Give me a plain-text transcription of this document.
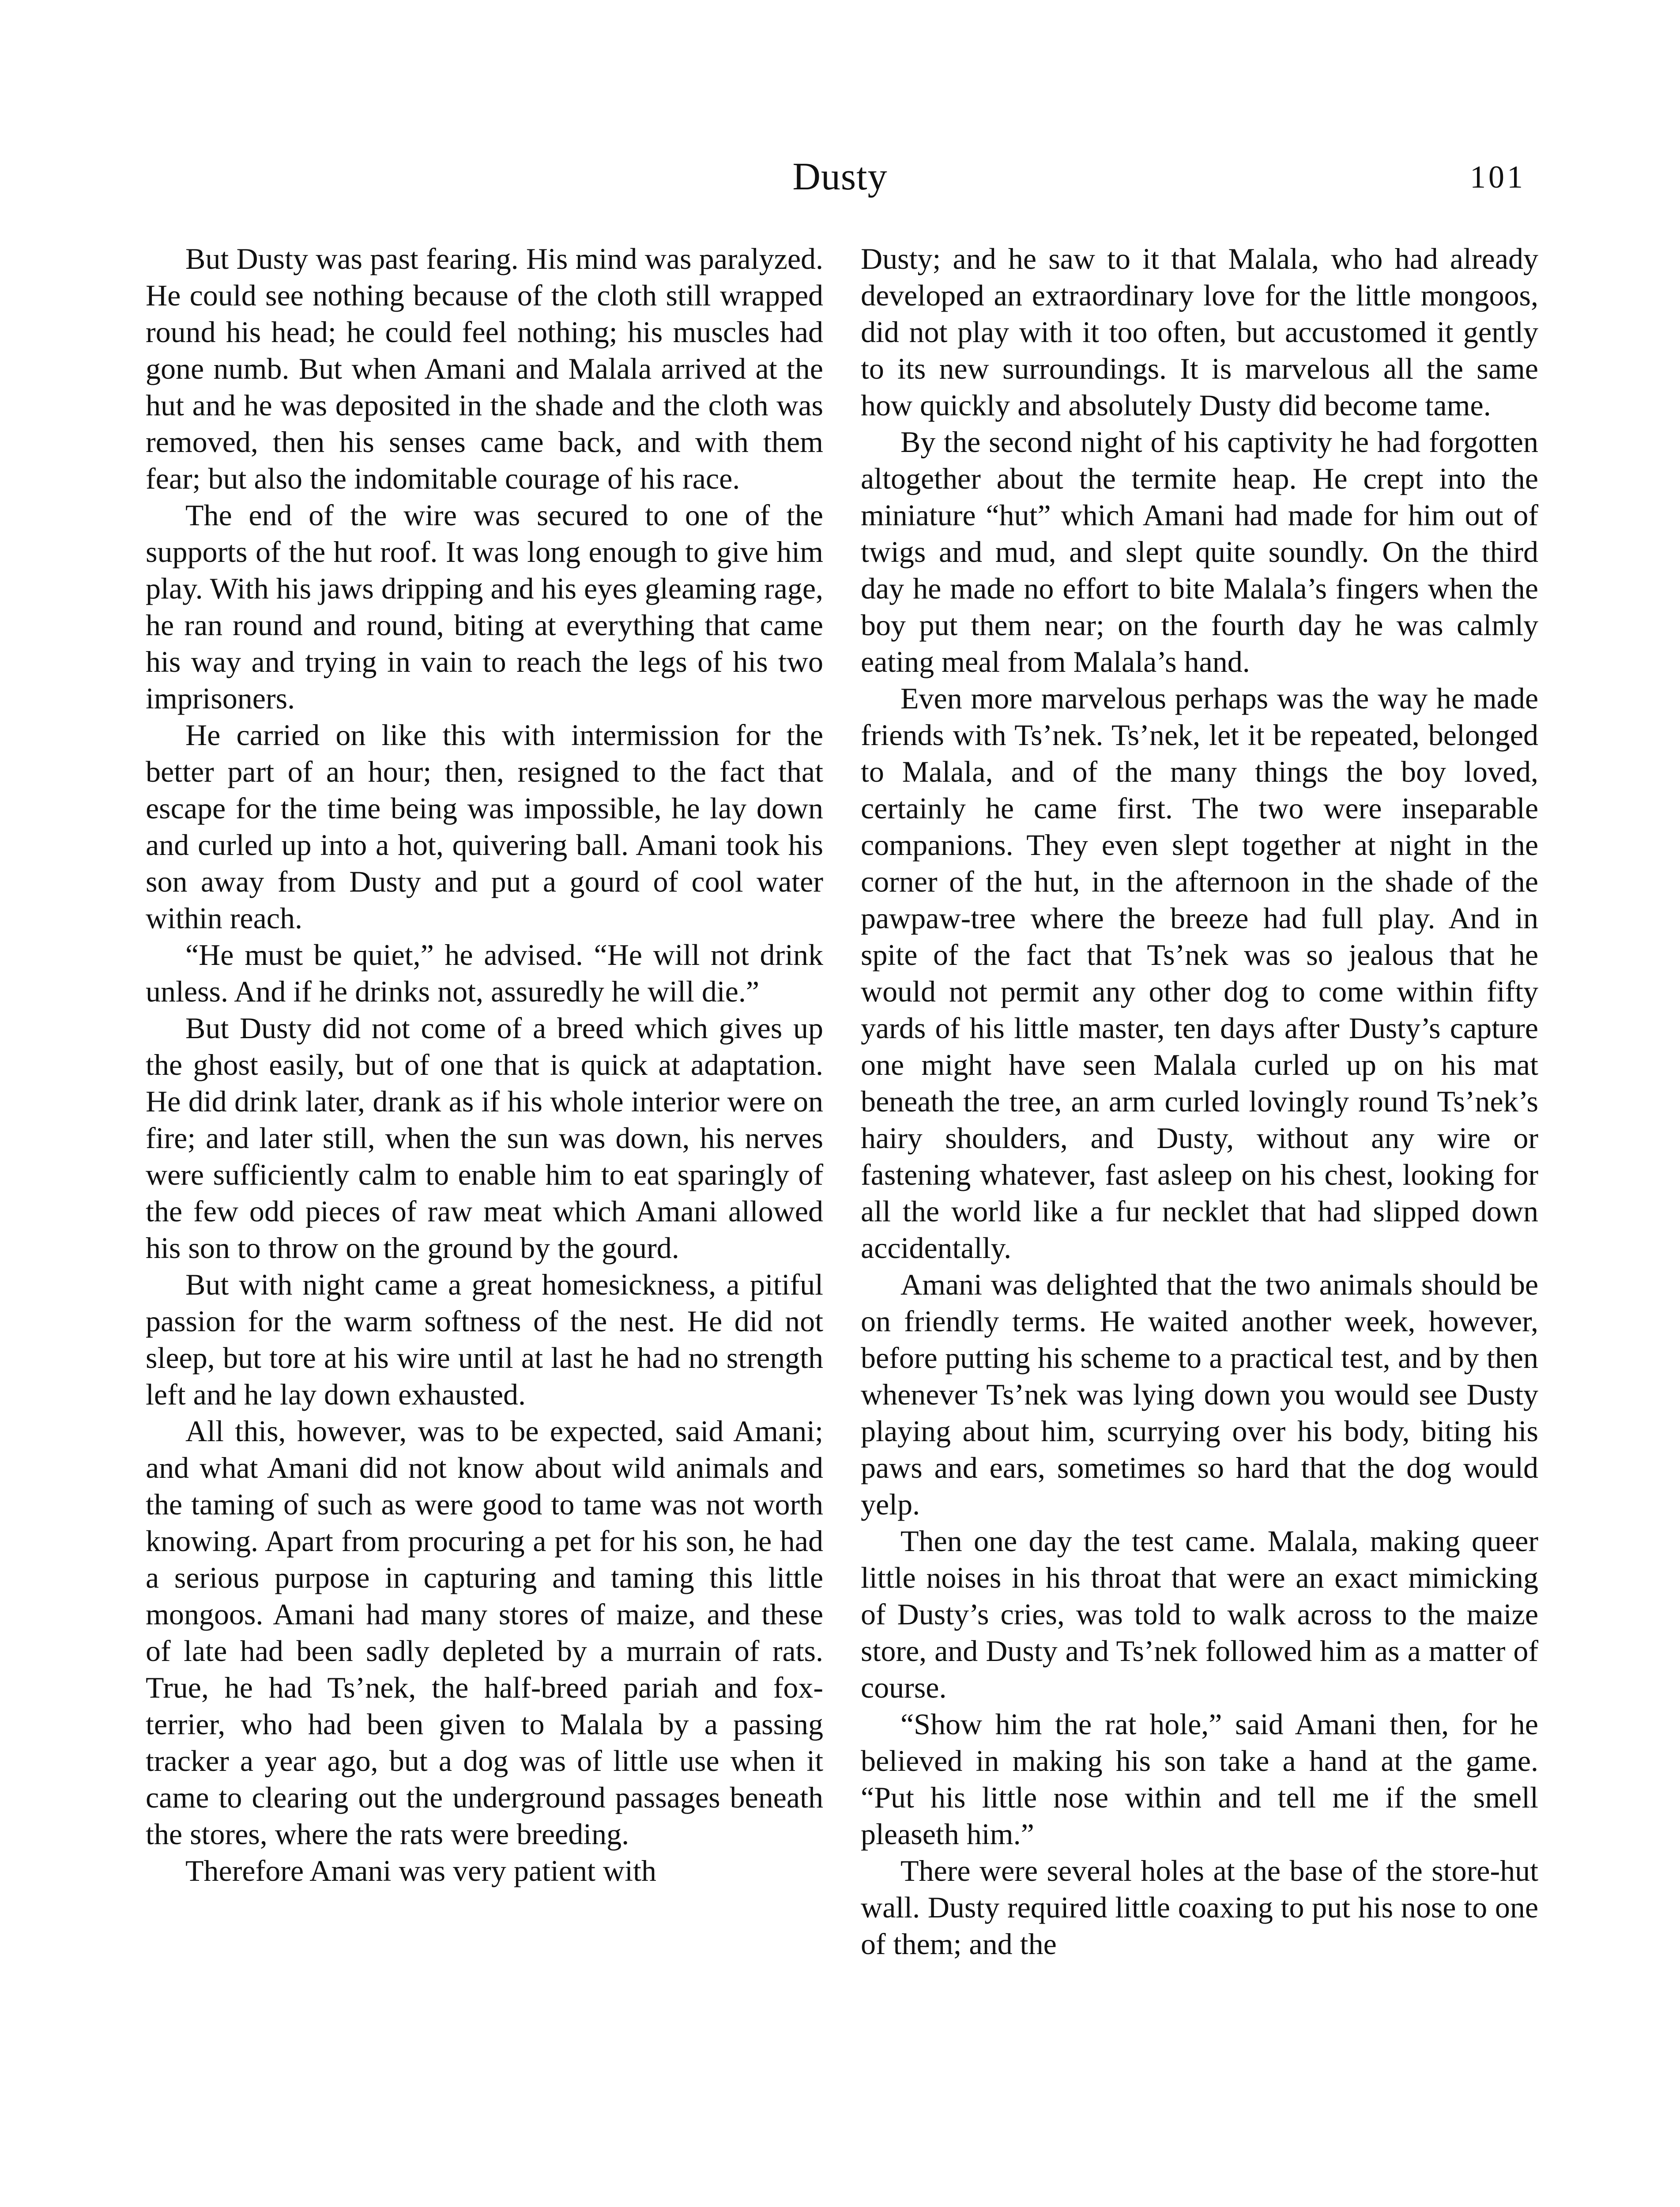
Dusty	101

But Dusty was past fearing. His mind was paralyzed. He could see nothing because of the cloth still wrapped round his head; he could feel nothing; his muscles had gone numb. But when Amani and Malala arrived at the hut and he was deposited in the shade and the cloth was removed, then his senses came back, and with them fear; but also the indomitable courage of his race.

The end of the wire was secured to one of the supports of the hut roof. It was long enough to give him play. With his jaws dripping and his eyes gleaming rage, he ran round and round, biting at everything that came his way and trying in vain to reach the legs of his two imprisoners.

He carried on like this with intermission for the better part of an hour; then, resigned to the fact that escape for the time being was impossible, he lay down and curled up into a hot, quivering ball. Amani took his son away from Dusty and put a gourd of cool water within reach.

“He must be quiet,” he advised. “He will not drink unless. And if he drinks not, assuredly he will die.”

But Dusty did not come of a breed which gives up the ghost easily, but of one that is quick at adaptation. He did drink later, drank as if his whole interior were on fire; and later still, when the sun was down, his nerves were sufficiently calm to enable him to eat sparingly of the few odd pieces of raw meat which Amani allowed his son to throw on the ground by the gourd.

But with night came a great homesickness, a pitiful passion for the warm softness of the nest. He did not sleep, but tore at his wire until at last he had no strength left and he lay down exhausted.

All this, however, was to be expected, said Amani; and what Amani did not know about wild animals and the taming of such as were good to tame was not worth knowing. Apart from procuring a pet for his son, he had a serious purpose in capturing and taming this little mongoos. Amani had many stores of maize, and these of late had been sadly depleted by a murrain of rats. True, he had Ts’nek, the half-breed pariah and fox-terrier, who had been given to Malala by a passing tracker a year ago, but a dog was of little use when it came to clearing out the underground passages beneath the stores, where the rats were breeding.

Therefore Amani was very patient with

Dusty; and he saw to it that Malala, who had already developed an extraordinary love for the little mongoos, did not play with it too often, but accustomed it gently to its new surroundings. It is marvelous all the same how quickly and absolutely Dusty did become tame.

By the second night of his captivity he had forgotten altogether about the termite heap. He crept into the miniature “hut” which Amani had made for him out of twigs and mud, and slept quite soundly. On the third day he made no effort to bite Malala’s fingers when the boy put them near; on the fourth day he was calmly eating meal from Malala’s hand.

Even more marvelous perhaps was the way he made friends with Ts’nek. Ts’nek, let it be repeated, belonged to Malala, and of the many things the boy loved, certainly he came first. The two were inseparable companions. They even slept together at night in the corner of the hut, in the afternoon in the shade of the pawpaw-tree where the breeze had full play. And in spite of the fact that Ts’nek was so jealous that he would not permit any other dog to come within fifty yards of his little master, ten days after Dusty’s capture one might have seen Malala curled up on his mat beneath the tree, an arm curled lovingly round Ts’nek’s hairy shoulders, and Dusty, without any wire or fastening whatever, fast asleep on his chest, looking for all the world like a fur necklet that had slipped down accidentally.

Amani was delighted that the two animals should be on friendly terms. He waited another week, however, before putting his scheme to a practical test, and by then whenever Ts’nek was lying down you would see Dusty playing about him, scurrying over his body, biting his paws and ears, sometimes so hard that the dog would yelp.

Then one day the test came. Malala, making queer little noises in his throat that were an exact mimicking of Dusty’s cries, was told to walk across to the maize store, and Dusty and Ts’nek followed him as a matter of course.

“Show him the rat hole,” said Amani then, for he believed in making his son take a hand at the game. “Put his little nose within and tell me if the smell pleaseth him.”

There were several holes at the base of the store-hut wall. Dusty required little coaxing to put his nose to one of them; and the
